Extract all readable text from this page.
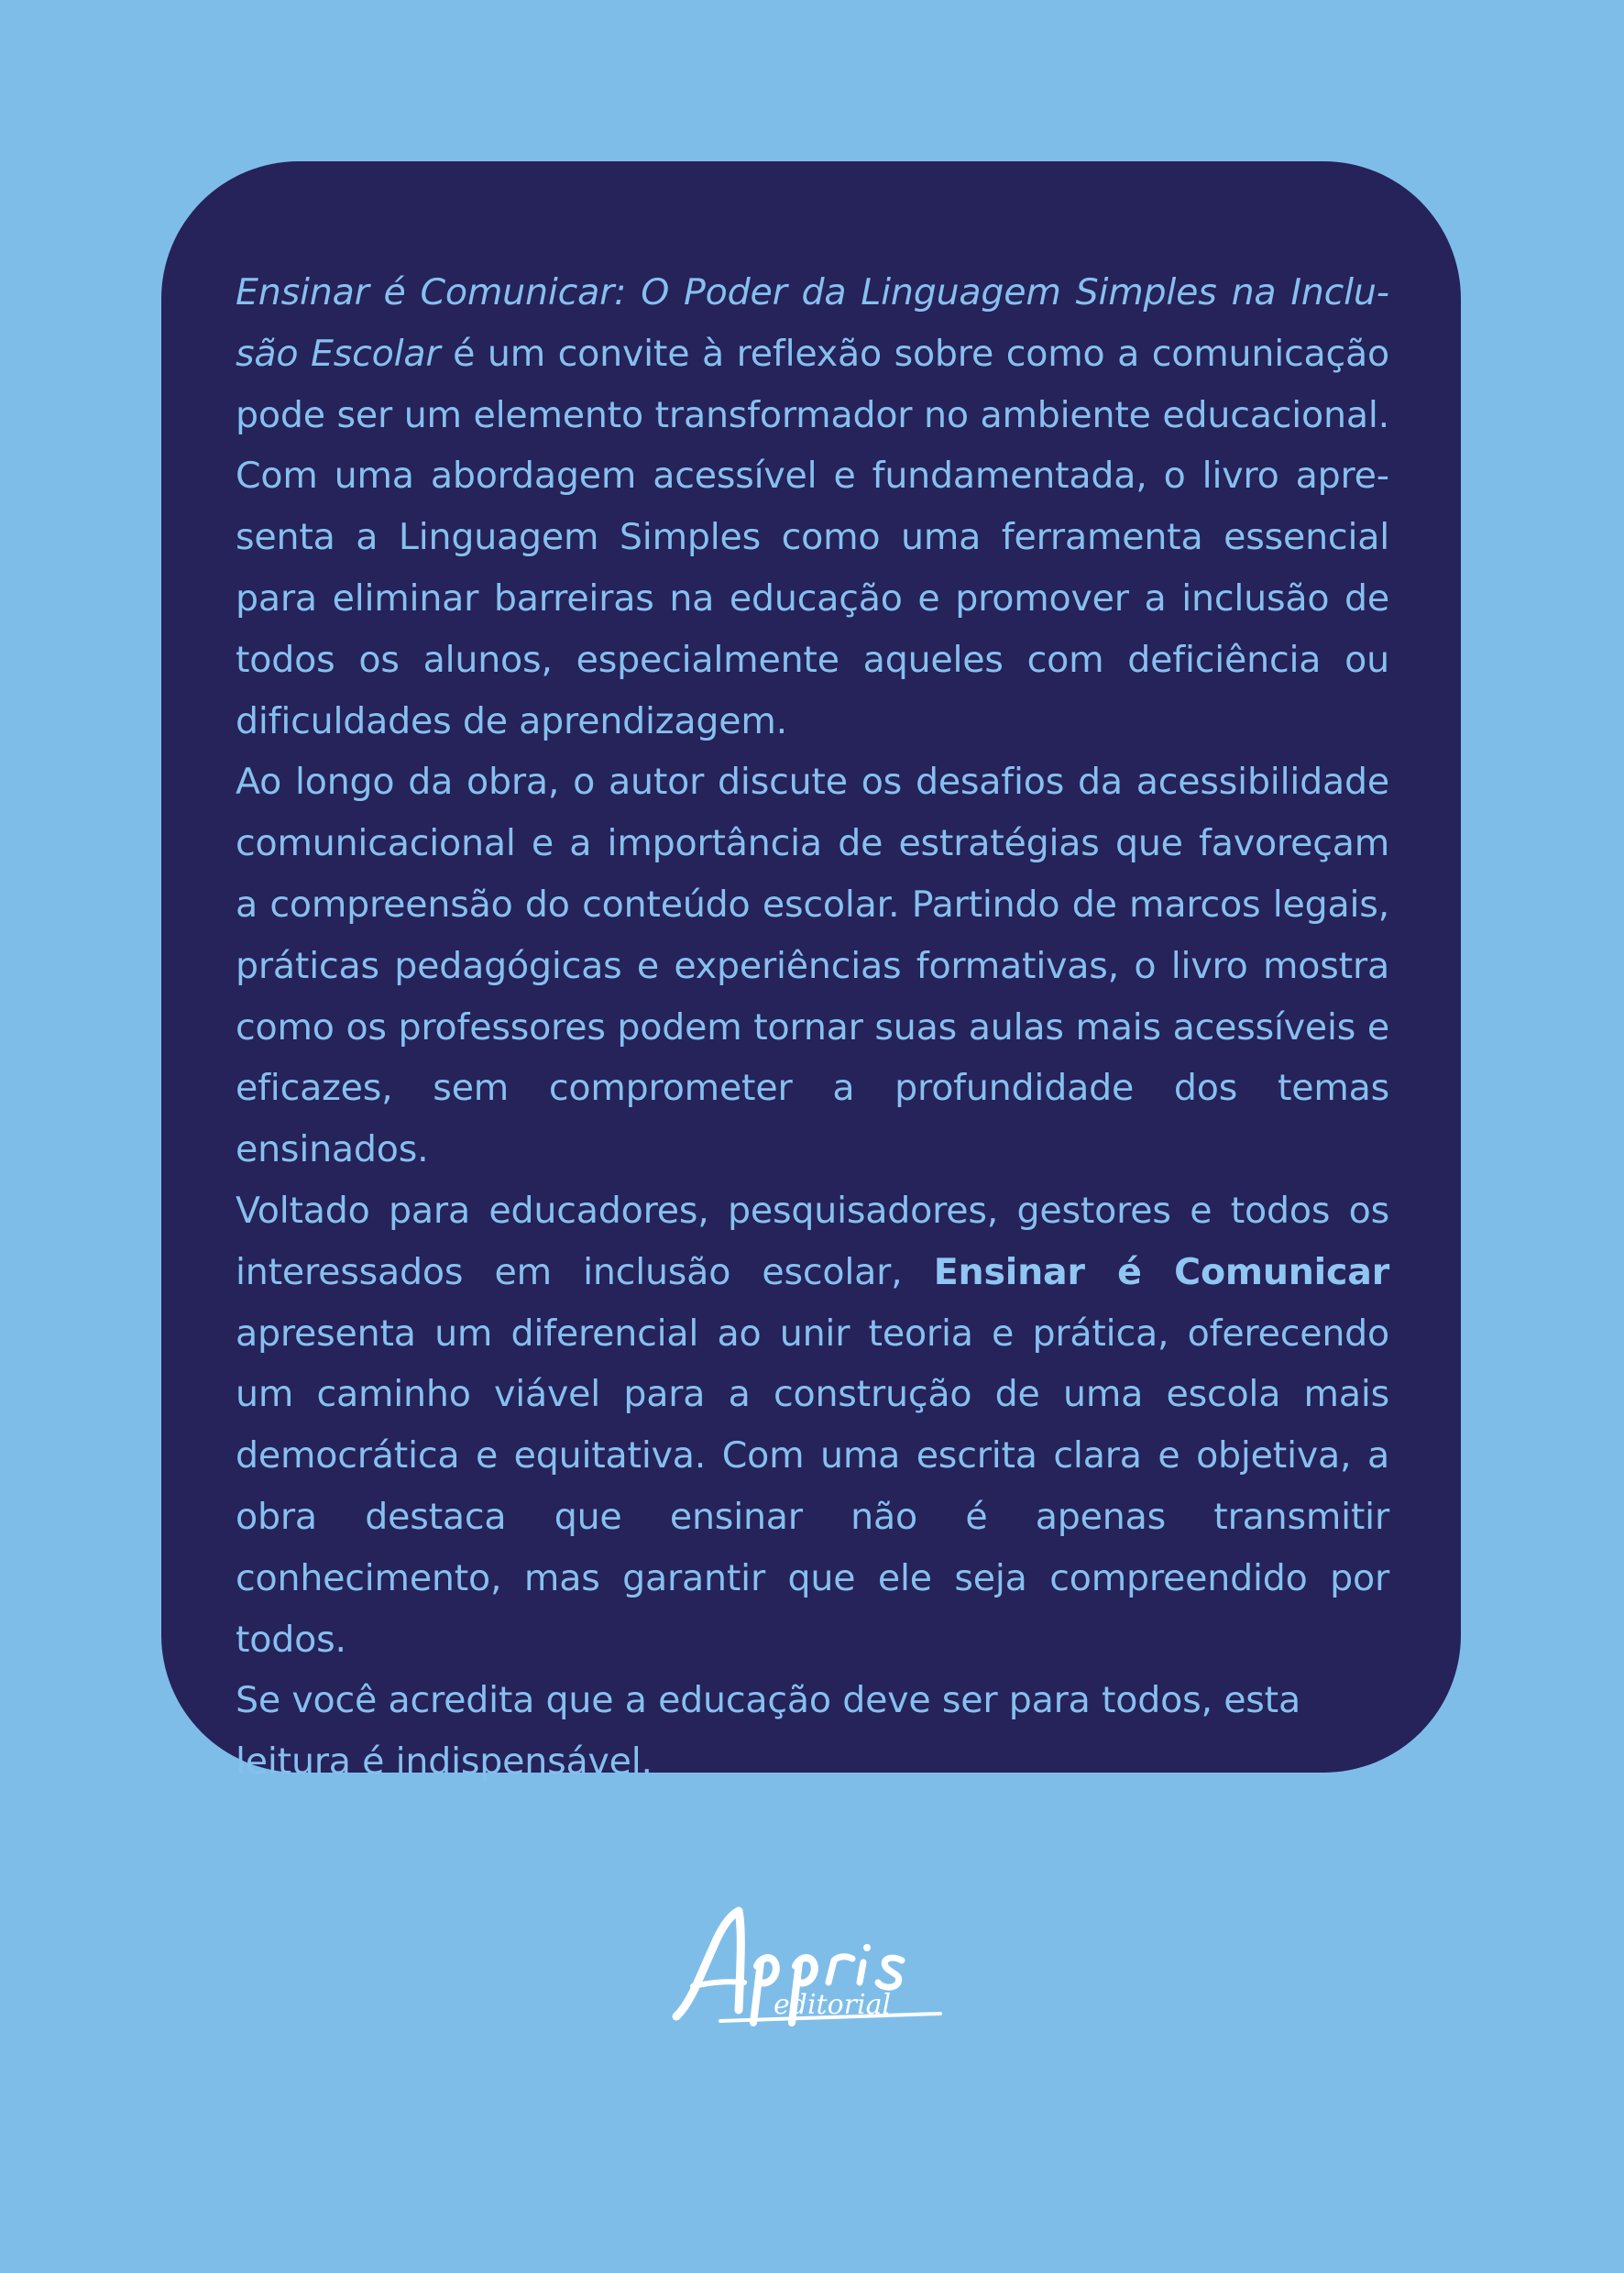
Ensinar é Comunicar: O Poder da Linguagem Simples na Inclusão Escolar é um convite à reflexão sobre como a comunicação pode ser um elemento transformador no ambiente educacional. Com uma abordagem acessível e fundamentada, o livro apresenta a Linguagem Simples como uma ferramenta essencial para eliminar barreiras na educação e promover a inclusão de todos os alunos, especialmente aqueles com deficiência ou dificuldades de aprendizagem.

Ao longo da obra, o autor discute os desafios da acessibilidade comunicacional e a importância de estratégias que favoreçam a compreensão do conteúdo escolar. Partindo de marcos legais, práticas pedagógicas e experiências formativas, o livro mostra como os professores podem tornar suas aulas mais acessíveis e eficazes, sem comprometer a profundidade dos temas ensinados.

Voltado para educadores, pesquisadores, gestores e todos os interessados em inclusão escolar, Ensinar é Comunicar apresenta um diferencial ao unir teoria e prática, oferecendo um caminho viável para a construção de uma escola mais democrática e equitativa. Com uma escrita clara e objetiva, a obra destaca que ensinar não é apenas transmitir conhecimento, mas garantir que ele seja compreendido por todos.

Se você acredita que a educação deve ser para todos, esta leitura é indispensável.

editorial
